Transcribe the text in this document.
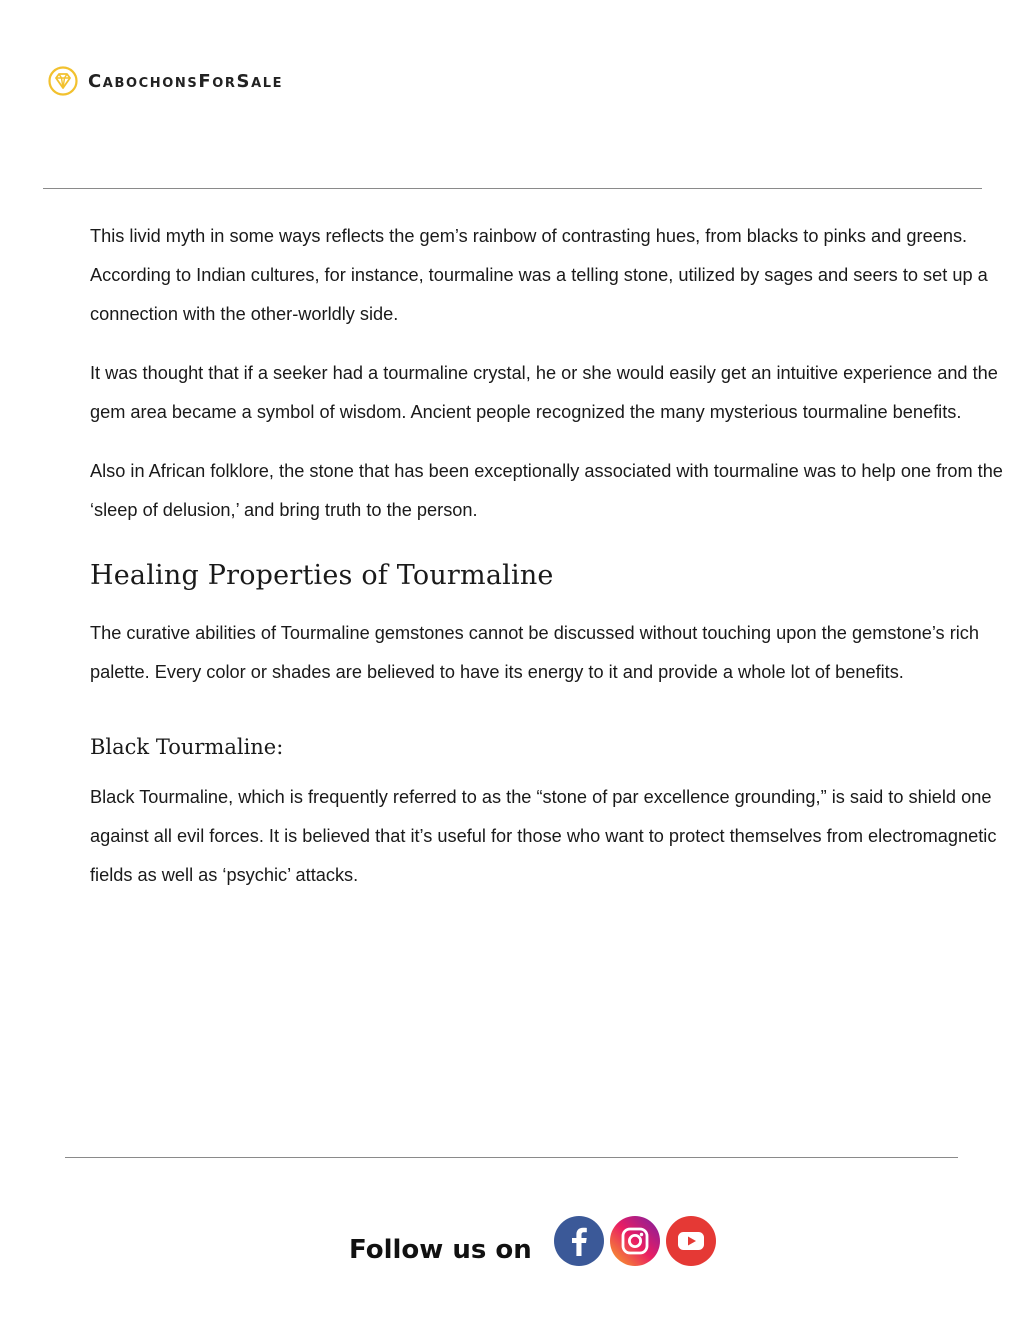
CabochonsForSale

This livid myth in some ways reflects the gem’s rainbow of contrasting hues, from blacks to pinks and greens. According to Indian cultures, for instance, tourmaline was a telling stone, utilized by sages and seers to set up a connection with the other-worldly side.

It was thought that if a seeker had a tourmaline crystal, he or she would easily get an intuitive experience and the gem area became a symbol of wisdom. Ancient people recognized the many mysterious tourmaline benefits.

Also in African folklore, the stone that has been exceptionally associated with tourmaline was to help one from the ‘sleep of delusion,’ and bring truth to the person.

Healing Properties of Tourmaline

The curative abilities of Tourmaline gemstones cannot be discussed without touching upon the gemstone’s rich palette. Every color or shades are believed to have its energy to it and provide a whole lot of benefits.

Black Tourmaline:

Black Tourmaline, which is frequently referred to as the “stone of par excellence grounding,” is said to shield one against all evil forces. It is believed that it’s useful for those who want to protect themselves from electromagnetic fields as well as ‘psychic’ attacks.

Follow us on
